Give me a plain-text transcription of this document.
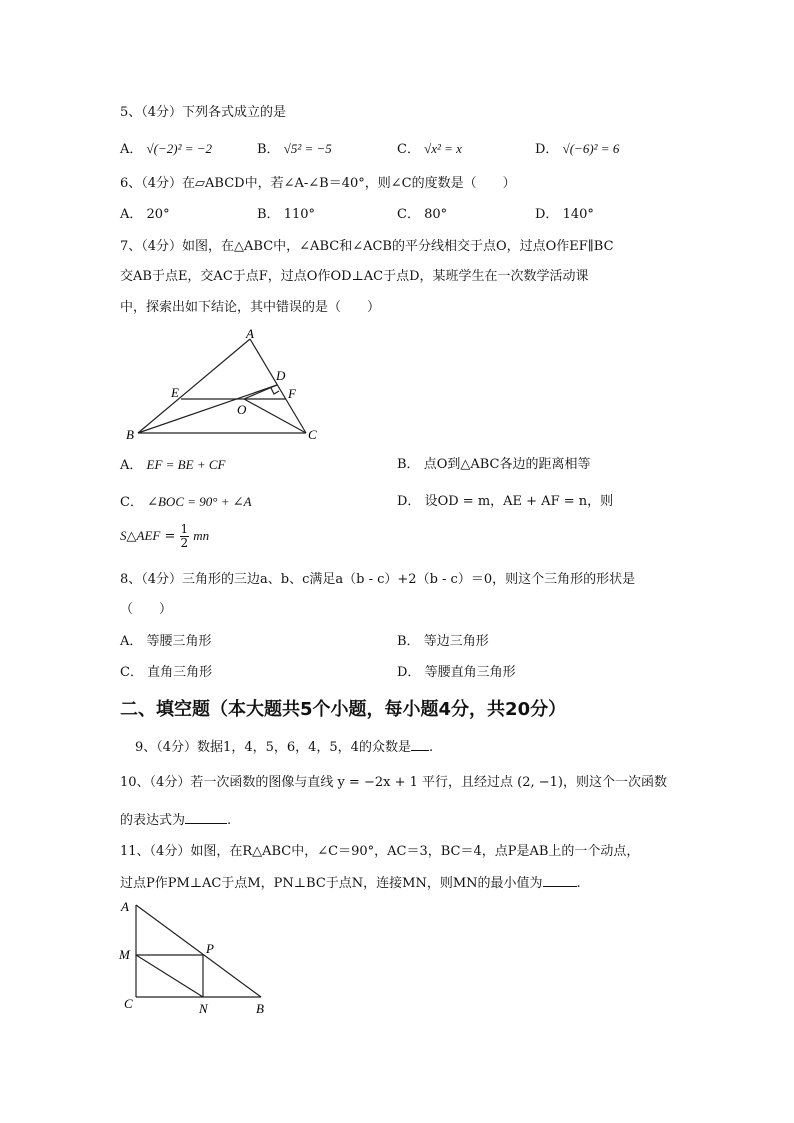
5、（4分）下列各式成立的是
A． √(−2)² = −2	B． √5² = −5	C． √x² = x	D． √(−6)² = 6
6、（4分）在▱ABCD中，若∠A-∠B＝40°，则∠C的度数是（　　）
A． 20°	B． 110°	C． 80°	D． 140°
7、（4分）如图，在△ABC中，∠ABC和∠ACB的平分线相交于点O，过点O作EF∥BC
交AB于点E，交AC于点F，过点O作OD⊥AC于点D，某班学生在一次数学活动课
中，探索出如下结论，其中错误的是（　　）
A
D
E
O
F
B	C
A． EF = BE + CF	B． 点O到△ABC各边的距离相等
C． ∠BOC = 90° + ∠A	D． 设OD = m，AE + AF = n，则
S△AEF = $\frac{1}{2}$ mn
8、（4分）三角形的三边a、b、c满足a（b - c）+2（b - c）＝0，则这个三角形的形状是
（　　）
A． 等腰三角形	B． 等边三角形
C． 直角三角形	D． 等腰直角三角形
二、填空题（本大题共5个小题，每小题4分，共20分）
9、（4分）数据1，4，5，6，4，5，4的众数是 .
10、（4分）若一次函数的图像与直线 y = −2x + 1 平行，且经过点 (2, −1)，则这个一次函数
的表达式为	.
11、（4分）如图，在R△ABC中，∠C＝90°，AC＝3，BC＝4，点P是AB上的一个动点，
过点P作PM⊥AC于点M，PN⊥BC于点N，连接MN，则MN的最小值为	.
A
M	P
C	N	B
